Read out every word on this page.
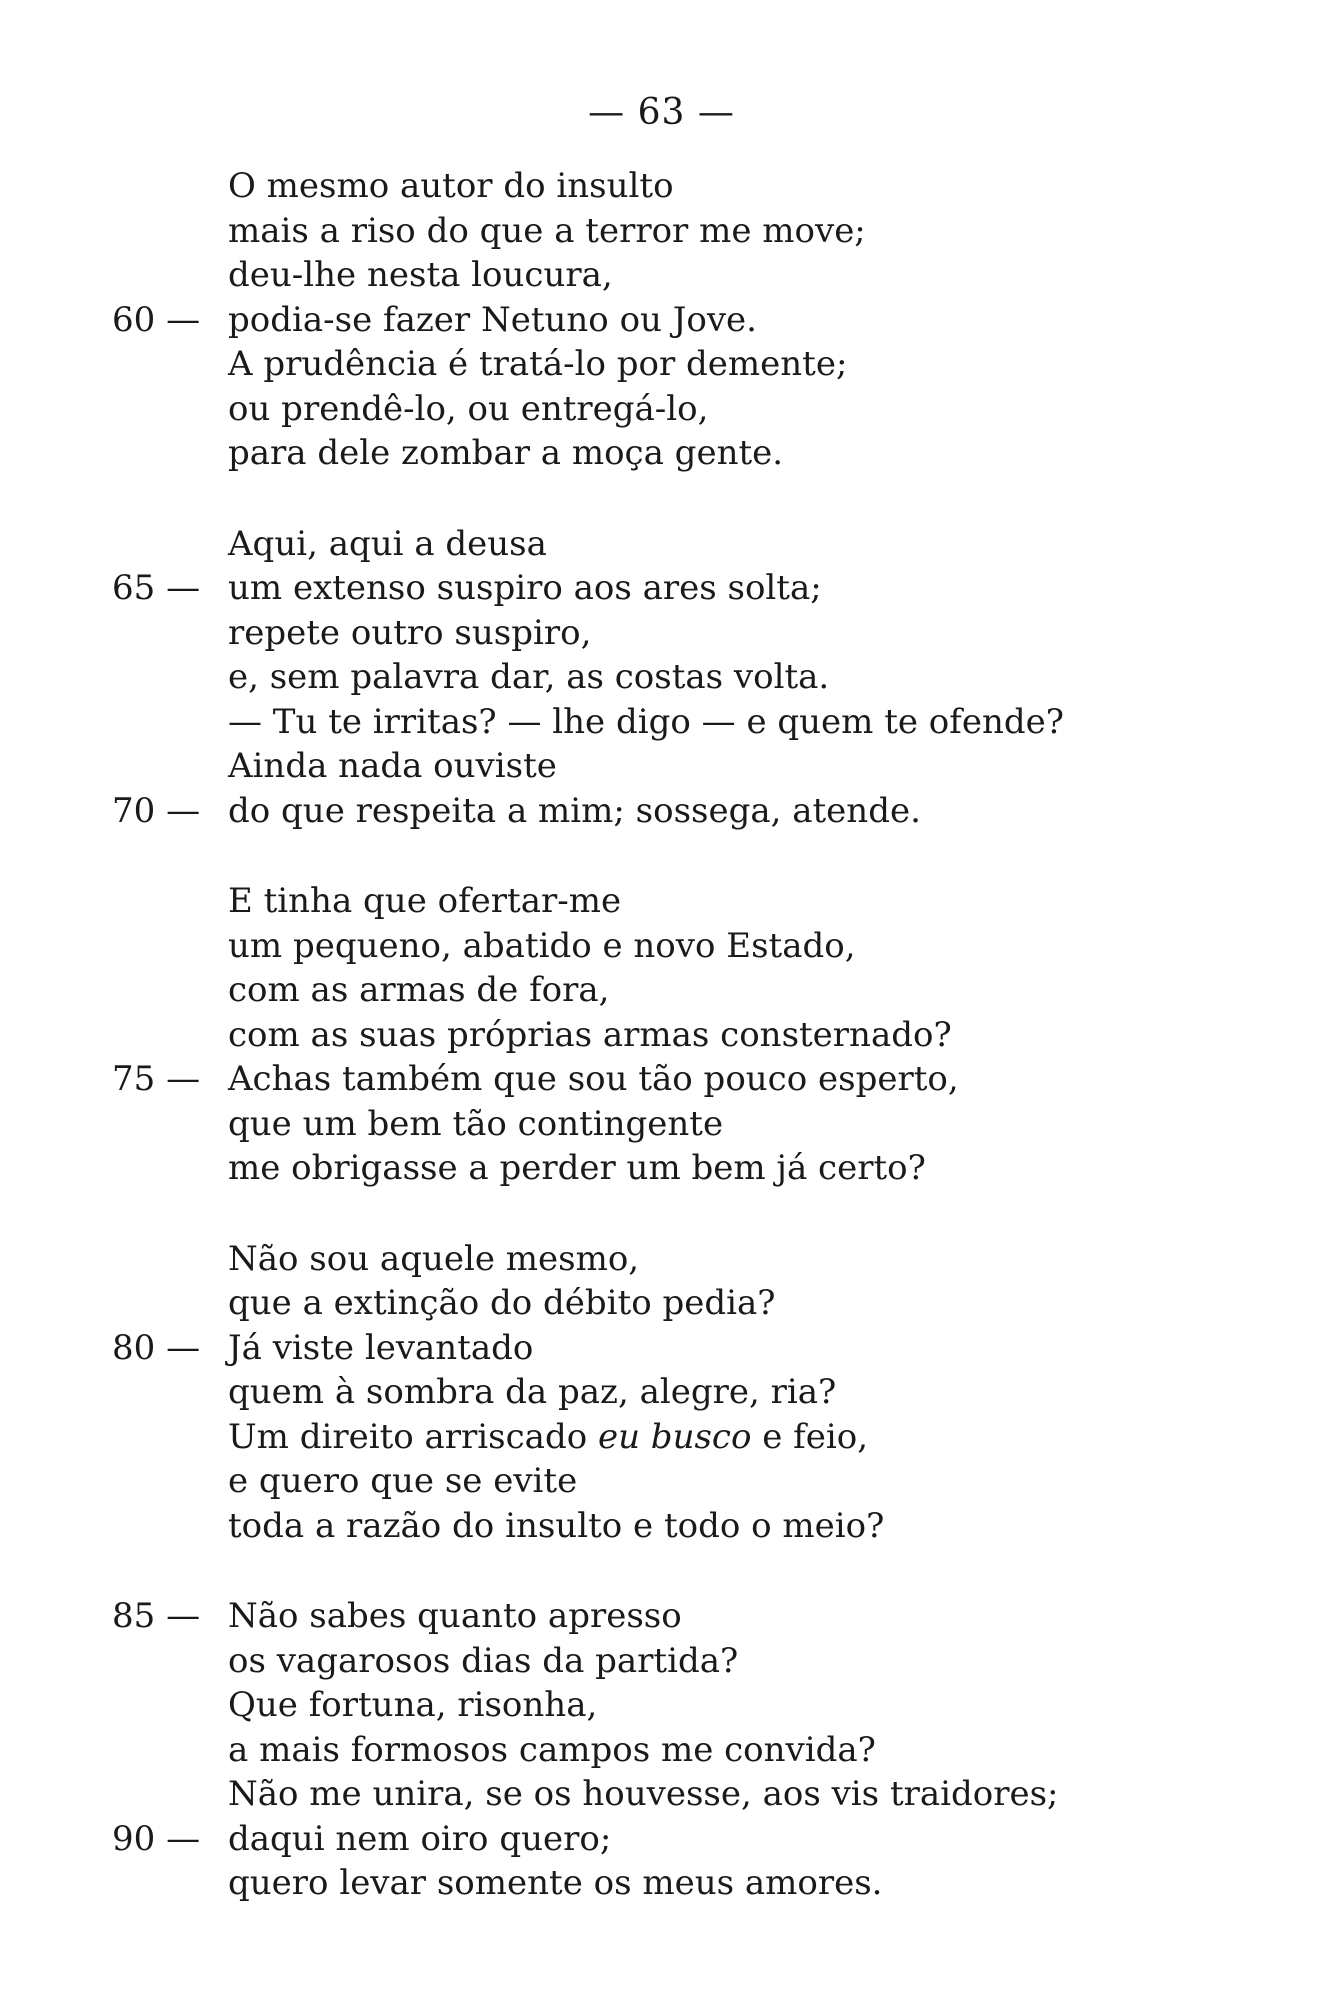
— 63 —
O mesmo autor do insulto
mais a riso do que a terror me move;
deu-lhe nesta loucura,
60 — podia-se fazer Netuno ou Jove.
A prudência é tratá-lo por demente;
ou prendê-lo, ou entregá-lo,
para dele zombar a moça gente.
Aqui, aqui a deusa
65 — um extenso suspiro aos ares solta;
repete outro suspiro,
e, sem palavra dar, as costas volta.
— Tu te irritas? — lhe digo — e quem te ofende?
Ainda nada ouviste
70 — do que respeita a mim; sossega, atende.
E tinha que ofertar-me
um pequeno, abatido e novo Estado,
com as armas de fora,
com as suas próprias armas consternado?
75 — Achas também que sou tão pouco esperto,
que um bem tão contingente
me obrigasse a perder um bem já certo?
Não sou aquele mesmo,
que a extinção do débito pedia?
80 — Já viste levantado
quem à sombra da paz, alegre, ria?
Um direito arriscado eu busco e feio,
e quero que se evite
toda a razão do insulto e todo o meio?
85 — Não sabes quanto apresso
os vagarosos dias da partida?
Que fortuna, risonha,
a mais formosos campos me convida?
Não me unira, se os houvesse, aos vis traidores;
90 — daqui nem oiro quero;
quero levar somente os meus amores.
